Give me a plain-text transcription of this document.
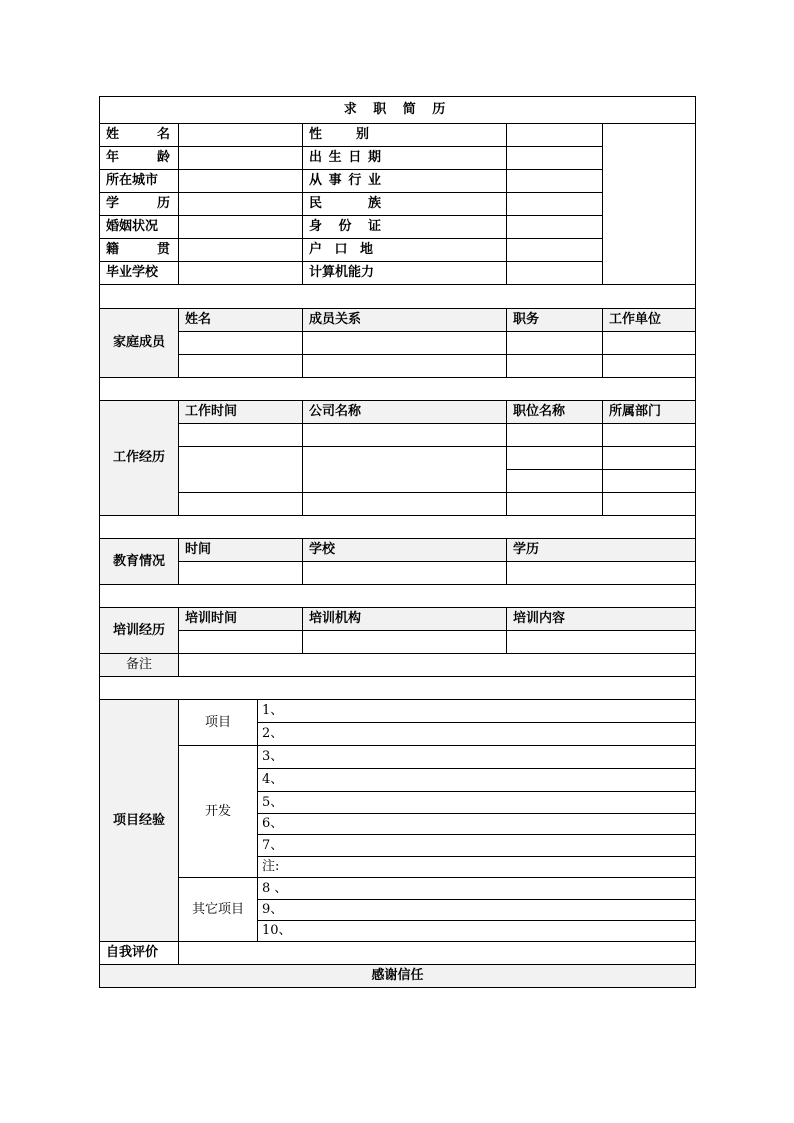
求 职 简 历					

姓 名			性 别		

年 龄			出 生 日 期		

所在城市			从 事 行 业		

学 历			民 族		

婚姻状况			身 份 证		

籍 贯			户 口 地		

毕业学校			计算机能力		

家庭成员	姓名		成员关系	职务	工作单位

工作经历	工作时间		公司名称	职位名称	所属部门

教育情况	时间		学校	学历	

培训经历	培训时间		培训机构	培训内容	

备注					

项目经验	项目	1、			
		2、			
	开发	3、			
		4、			
		5、			
		6、			
		7、			
		注:			
	其它项目	8 、			
		9、			
		10、			
自我评价					
感谢信任					
